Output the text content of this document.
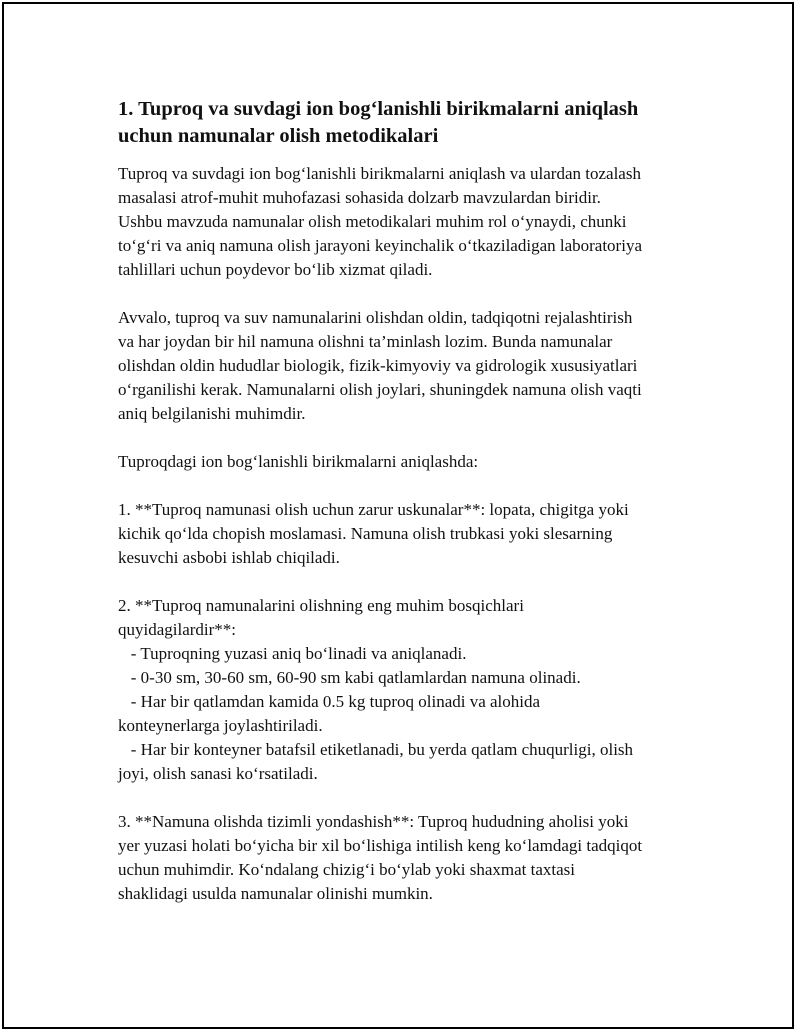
1. Tuproq va suvdagi ion bog‘lanishli birikmalarni aniqlash
uchun namunalar olish metodikalari
Tuproq va suvdagi ion bog‘lanishli birikmalarni aniqlash va ulardan tozalash
masalasi atrof-muhit muhofazasi sohasida dolzarb mavzulardan biridir.
Ushbu mavzuda namunalar olish metodikalari muhim rol o‘ynaydi, chunki
to‘g‘ri va aniq namuna olish jarayoni keyinchalik o‘tkaziladigan laboratoriya
tahlillari uchun poydevor bo‘lib xizmat qiladi.
Avvalo, tuproq va suv namunalarini olishdan oldin, tadqiqotni rejalashtirish
va har joydan bir hil namuna olishni ta’minlash lozim. Bunda namunalar
olishdan oldin hududlar biologik, fizik-kimyoviy va gidrologik xususiyatlari
o‘rganilishi kerak. Namunalarni olish joylari, shuningdek namuna olish vaqti
aniq belgilanishi muhimdir.
Tuproqdagi ion bog‘lanishli birikmalarni aniqlashda:
1. **Tuproq namunasi olish uchun zarur uskunalar**: lopata, chigitga yoki
kichik qo‘lda chopish moslamasi. Namuna olish trubkasi yoki slesarning
kesuvchi asbobi ishlab chiqiladi.
2. **Tuproq namunalarini olishning eng muhim bosqichlari
quyidagilardir**:
- Tuproqning yuzasi aniq bo‘linadi va aniqlanadi.
- 0-30 sm, 30-60 sm, 60-90 sm kabi qatlamlardan namuna olinadi.
- Har bir qatlamdan kamida 0.5 kg tuproq olinadi va alohida
konteynerlarga joylashtiriladi.
- Har bir konteyner batafsil etiketlanadi, bu yerda qatlam chuqurligi, olish
joyi, olish sanasi ko‘rsatiladi.
3. **Namuna olishda tizimli yondashish**: Tuproq hududning aholisi yoki
yer yuzasi holati bo‘yicha bir xil bo‘lishiga intilish keng ko‘lamdagi tadqiqot
uchun muhimdir. Ko‘ndalang chizig‘i bo‘ylab yoki shaxmat taxtasi
shaklidagi usulda namunalar olinishi mumkin.
